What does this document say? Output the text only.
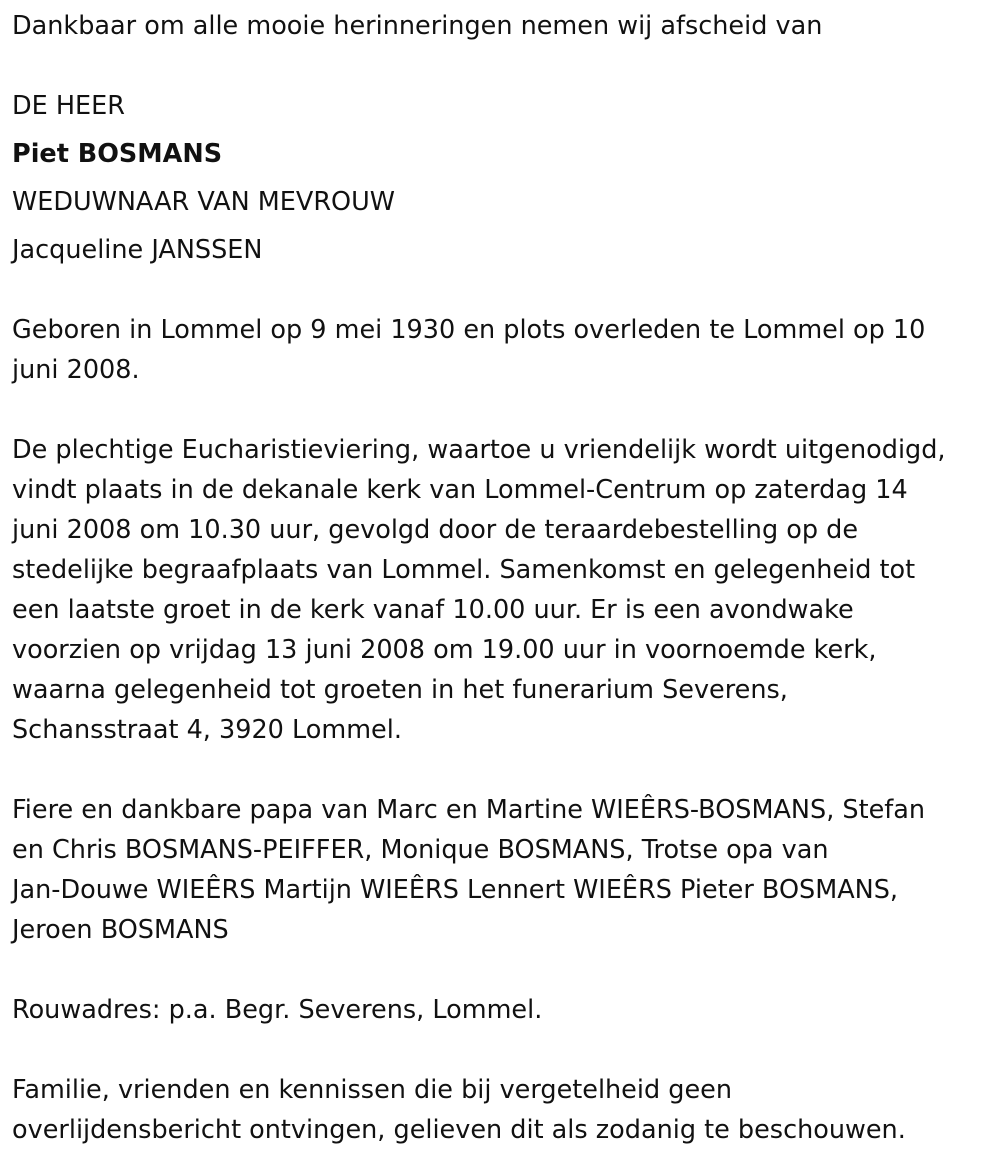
Dankbaar om alle mooie herinneringen nemen wij afscheid van

DE HEER

Piet BOSMANS

WEDUWNAAR VAN MEVROUW

Jacqueline JANSSEN

Geboren in Lommel op 9 mei 1930 en plots overleden te Lommel op 10

juni 2008.

De plechtige Eucharistieviering, waartoe u vriendelijk wordt uitgenodigd,

vindt plaats in de dekanale kerk van Lommel-Centrum op zaterdag 14

juni 2008 om 10.30 uur, gevolgd door de teraardebestelling op de

stedelijke begraafplaats van Lommel. Samenkomst en gelegenheid tot

een laatste groet in de kerk vanaf 10.00 uur. Er is een avondwake

voorzien op vrijdag 13 juni 2008 om 19.00 uur in voornoemde kerk,

waarna gelegenheid tot groeten in het funerarium Severens,

Schansstraat 4, 3920 Lommel.

Fiere en dankbare papa van Marc en Martine WIEÊRS-BOSMANS, Stefan

en Chris BOSMANS-PEIFFER, Monique BOSMANS, Trotse opa van

Jan-Douwe WIEÊRS Martijn WIEÊRS Lennert WIEÊRS Pieter BOSMANS,

Jeroen BOSMANS

Rouwadres: p.a. Begr. Severens, Lommel.

Familie, vrienden en kennissen die bij vergetelheid geen

overlijdensbericht ontvingen, gelieven dit als zodanig te beschouwen.
